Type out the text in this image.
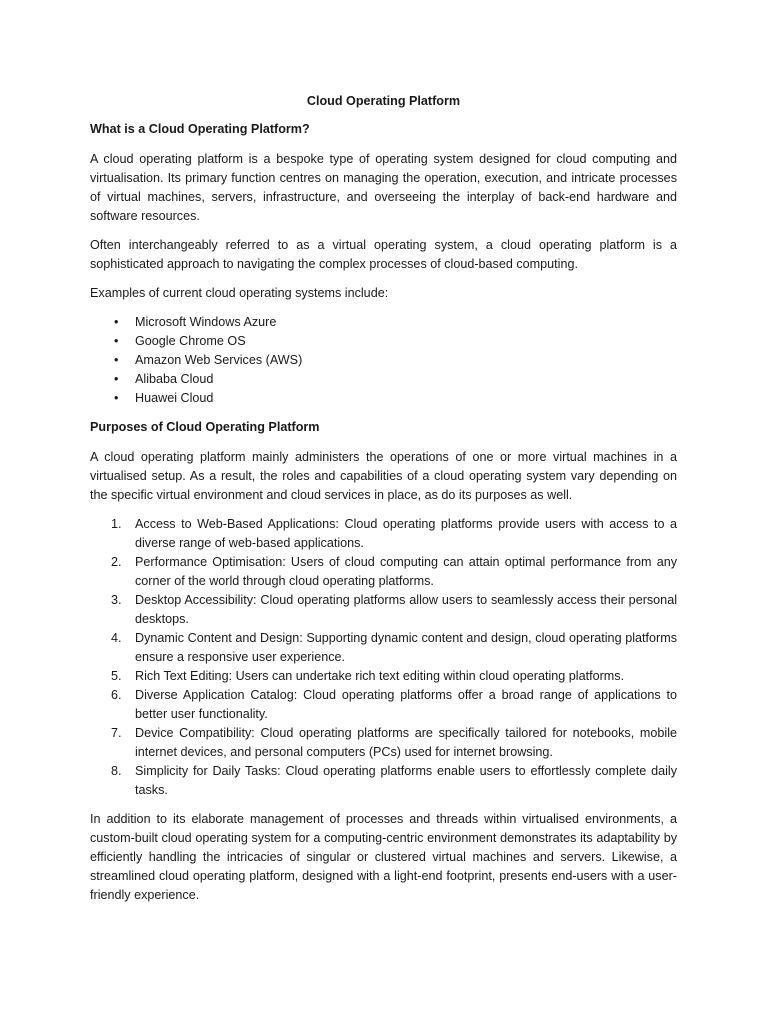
Cloud Operating Platform
What is a Cloud Operating Platform?

A cloud operating platform is a bespoke type of operating system designed for cloud computing and virtualisation. Its primary function centres on managing the operation, execution, and intricate processes of virtual machines, servers, infrastructure, and overseeing the interplay of back-end hardware and software resources.

Often interchangeably referred to as a virtual operating system, a cloud operating platform is a sophisticated approach to navigating the complex processes of cloud-based computing.

Examples of current cloud operating systems include:

• Microsoft Windows Azure
• Google Chrome OS
• Amazon Web Services (AWS)
• Alibaba Cloud
• Huawei Cloud
Purposes of Cloud Operating Platform

A cloud operating platform mainly administers the operations of one or more virtual machines in a virtualised setup. As a result, the roles and capabilities of a cloud operating system vary depending on the specific virtual environment and cloud services in place, as do its purposes as well.

1. Access to Web-Based Applications: Cloud operating platforms provide users with access to a diverse range of web-based applications.
2. Performance Optimisation: Users of cloud computing can attain optimal performance from any corner of the world through cloud operating platforms.
3. Desktop Accessibility: Cloud operating platforms allow users to seamlessly access their personal desktops.
4. Dynamic Content and Design: Supporting dynamic content and design, cloud operating platforms ensure a responsive user experience.
5. Rich Text Editing: Users can undertake rich text editing within cloud operating platforms.
6. Diverse Application Catalog: Cloud operating platforms offer a broad range of applications to better user functionality.
7. Device Compatibility: Cloud operating platforms are specifically tailored for notebooks, mobile internet devices, and personal computers (PCs) used for internet browsing.
8. Simplicity for Daily Tasks: Cloud operating platforms enable users to effortlessly complete daily tasks.

In addition to its elaborate management of processes and threads within virtualised environments, a custom-built cloud operating system for a computing-centric environment demonstrates its adaptability by efficiently handling the intricacies of singular or clustered virtual machines and servers. Likewise, a streamlined cloud operating platform, designed with a light-end footprint, presents end-users with a user-friendly experience.
